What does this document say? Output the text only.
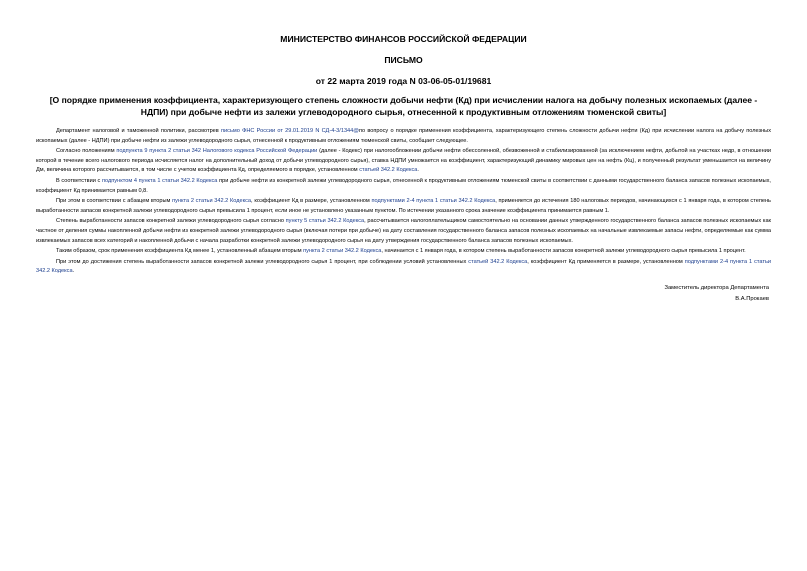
МИНИСТЕРСТВО ФИНАНСОВ РОССИЙСКОЙ ФЕДЕРАЦИИ
ПИСЬМО
от 22 марта 2019 года N 03-06-05-01/19681
[О порядке применения коэффициента, характеризующего степень сложности добычи нефти (Кд) при исчислении налога на добычу полезных ископаемых (далее - НДПИ) при добыче нефти из залежи углеводородного сырья, отнесенной к продуктивным отложениям тюменской свиты]

Департамент налоговой и таможенной политики, рассмотрев письмо ФНС России от 29.01.2019 N СД-4-3/1344@по вопросу о порядке применения коэффициента, характеризующего степень сложности добычи нефти (Кд) при исчислении налога на добычу полезных ископаемых (далее - НДПИ) при добыче нефти из залежи углеводородного сырья, отнесенной к продуктивным отложениям тюменской свиты, сообщает следующее.

Согласно положениям подпункта 9 пункта 2 статьи 342 Налогового кодекса Российской Федерации (далее - Кодекс) при налогообложении добычи нефти обессоленной, обезвоженной и стабилизированной (за исключением нефти, добытой на участках недр, в отношении которой в течение всего налогового периода исчисляется налог на дополнительный доход от добычи углеводородного сырья), ставка НДПИ умножается на коэффициент, характеризующий динамику мировых цен на нефть (Кц), и полученный результат уменьшается на величину Дм, величина которого рассчитывается, в том числе с учетом коэффициента Кд, определяемого в порядке, установленном статьей 342.2 Кодекса.

В соответствии с подпунктом 4 пункта 1 статьи 342.2 Кодекса при добыче нефти из конкретной залежи углеводородного сырья, отнесенной к продуктивным отложениям тюменской свиты в соответствии с данными государственного баланса запасов полезных ископаемых, коэффициент Кд принимается равным 0,8.

При этом в соответствии с абзацем вторым пункта 2 статьи 342.2 Кодекса, коэффициент Кд в размере, установленном подпунктами 2-4 пункта 1 статьи 342.2 Кодекса, применяется до истечения 180 налоговых периодов, начинающихся с 1 января года, в котором степень выработанности запасов конкретной залежи углеводородного сырья превысила 1 процент, если иное не установлено указанным пунктом. По истечении указанного срока значение коэффициента принимается равным 1.

Степень выработанности запасов конкретной залежи углеводородного сырья согласно пункту 5 статьи 342.2 Кодекса, рассчитывается налогоплательщиком самостоятельно на основании данных утвержденного государственного баланса запасов полезных ископаемых как частное от деления суммы накопленной добычи нефти из конкретной залежи углеводородного сырья (включая потери при добыче) на дату составления государственного баланса запасов полезных ископаемых на начальные извлекаемые запасы нефти, определяемые как сумма извлекаемых запасов всех категорий и накопленной добычи с начала разработки конкретной залежи углеводородного сырья на дату утверждения государственного баланса запасов полезных ископаемых.

Таким образом, срок применения коэффициента Кд менее 1, установленный абзацем вторым пункта 2 статьи 342.2 Кодекса, начинается с 1 января года, в котором степень выработанности запасов конкретной залежи углеводородного сырья превысила 1 процент.

При этом до достижения степень выработанности запасов конкретной залежи углеводородного сырья 1 процент, при соблюдении условий установленных статьей 342.2 Кодекса, коэффициент Кд применяется в размере, установленном подпунктами 2-4 пункта 1 статьи 342.2 Кодекса.

Заместитель директора Департамента
В.А.Прокаев
